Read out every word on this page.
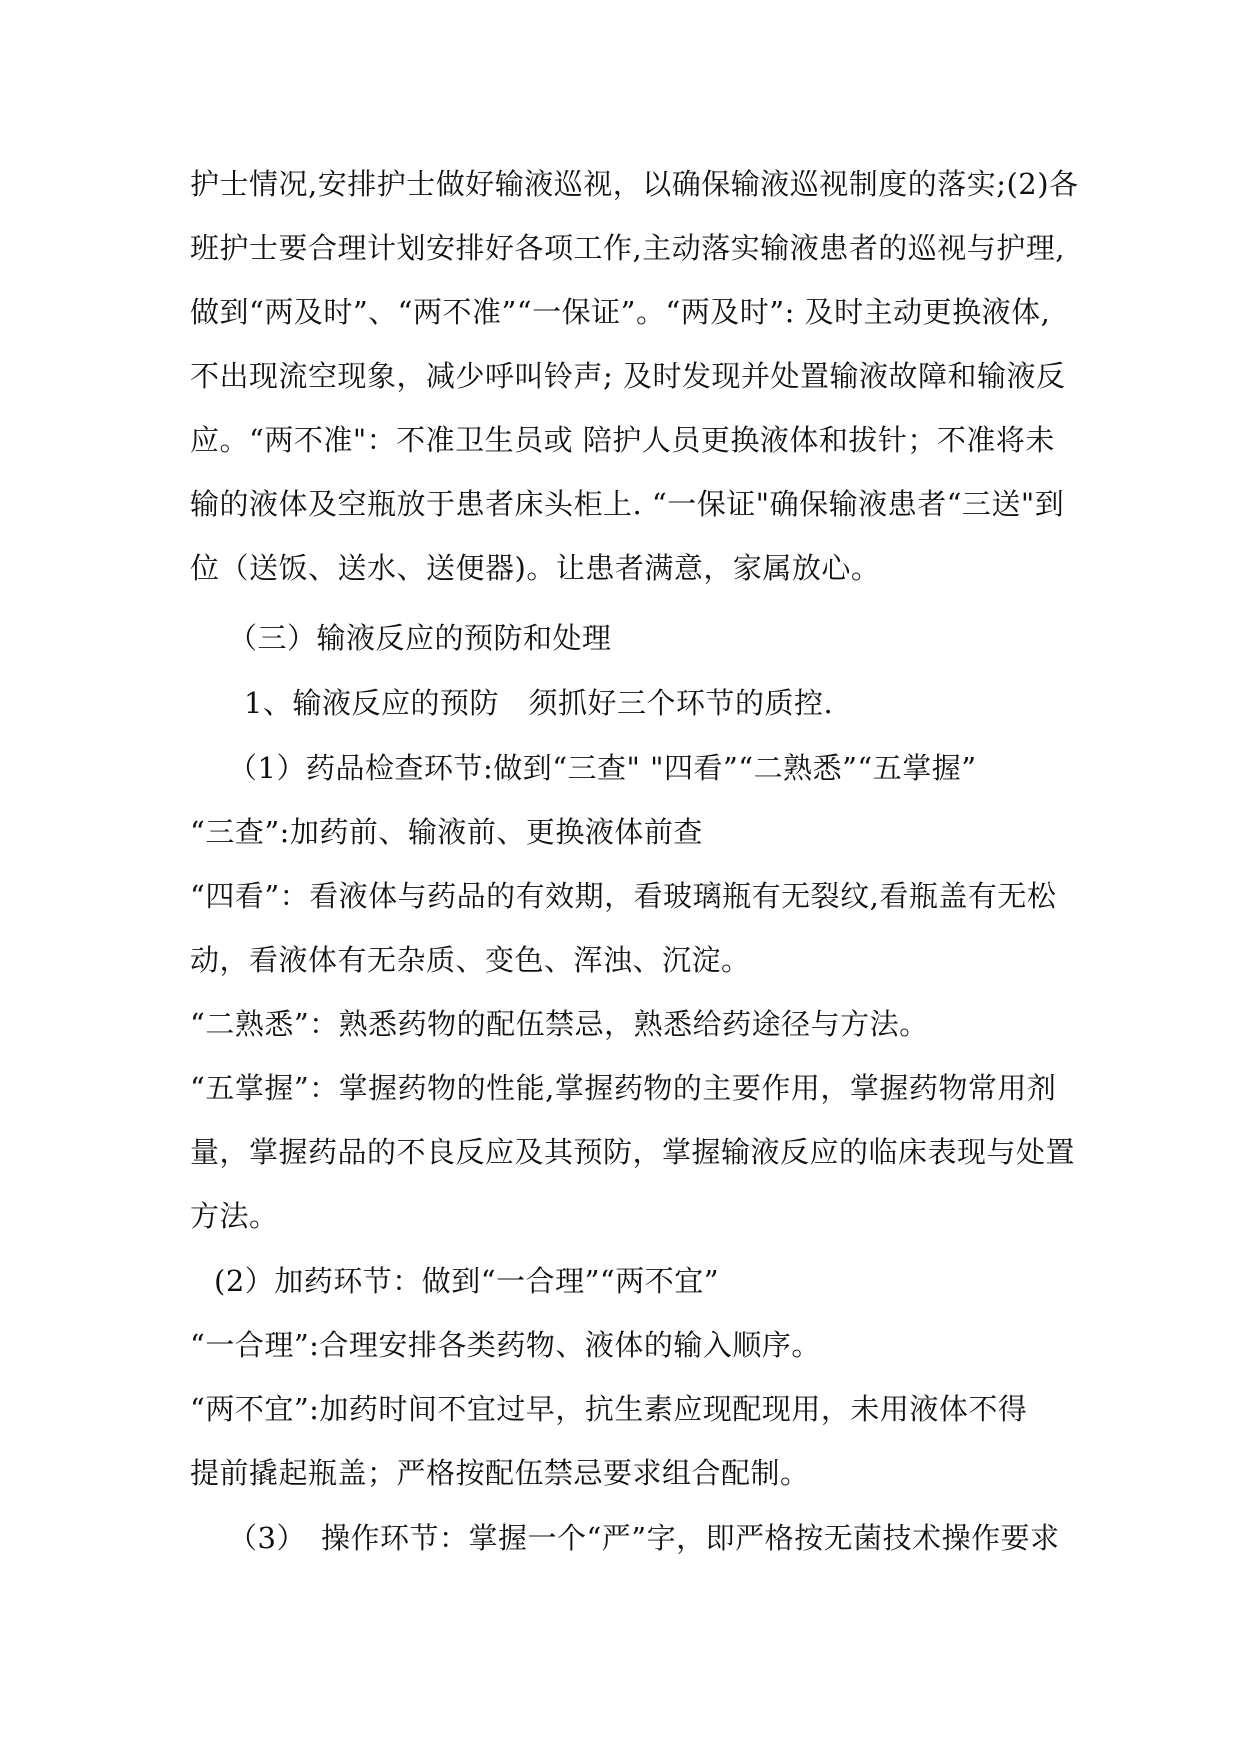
护士情况,安排护士做好输液巡视，以确保输液巡视制度的落实;(2)各
班护士要合理计划安排好各项工作,主动落实输液患者的巡视与护理,
做到“两及时”、“两不准”“一保证”。“两及时”: 及时主动更换液体,
不出现流空现象，减少呼叫铃声; 及时发现并处置输液故障和输液反
应。“两不准"：不准卫生员或 陪护人员更换液体和拔针；不准将未
输的液体及空瓶放于患者床头柜上. “一保证"确保输液患者“三送"到
位（送饭、送水、送便器)。让患者满意，家属放心。
（三）输液反应的预防和处理
1、输液反应的预防　须抓好三个环节的质控.
（1）药品检查环节:做到“三查" "四看”“二熟悉”“五掌握”
“三查”:加药前、输液前、更换液体前查
“四看”：看液体与药品的有效期，看玻璃瓶有无裂纹,看瓶盖有无松
动，看液体有无杂质、变色、浑浊、沉淀。
“二熟悉”：熟悉药物的配伍禁忌，熟悉给药途径与方法。
“五掌握”：掌握药物的性能,掌握药物的主要作用，掌握药物常用剂
量，掌握药品的不良反应及其预防，掌握输液反应的临床表现与处置
方法。
(2）加药环节：做到“一合理”“两不宜”
“一合理”:合理安排各类药物、液体的输入顺序。
“两不宜”:加药时间不宜过早，抗生素应现配现用，未用液体不得
提前撬起瓶盖；严格按配伍禁忌要求组合配制。
（3）　操作环节：掌握一个“严”字，即严格按无菌技术操作要求
